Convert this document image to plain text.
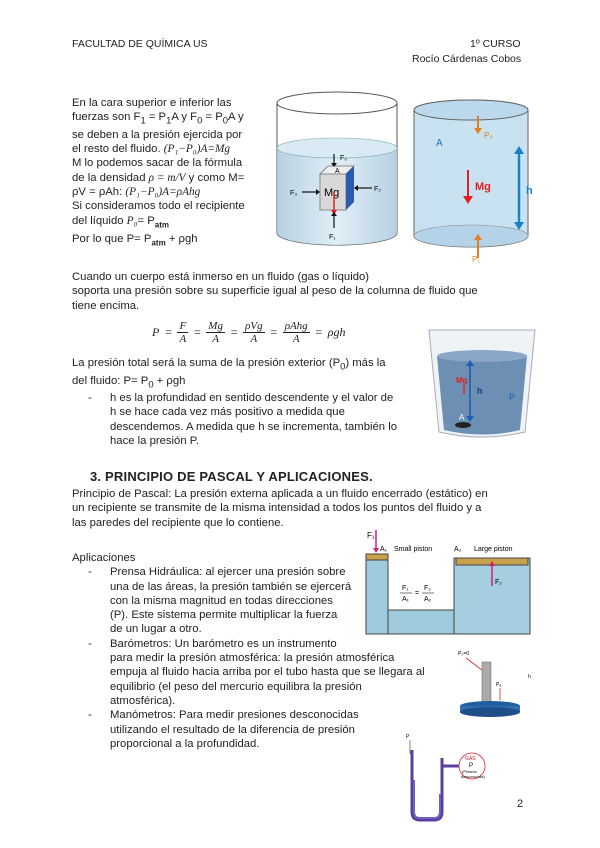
FACULTAD DE QUÍMICA US	1º CURSO
Rocío Cárdenas Cobos
En la cara superior e inferior las
fuerzas son $F_1 = P_1A$ y $F_0 = P_0A$ y
se deben a la presión ejercida por
el resto del fluido. (P₁−P₀)A=Mg
M lo podemos sacar de la fórmula
de la densidad ρ = m/V y como M=
ρV = ρAh: (P₁−P₀)A=ρAhg
Si consideramos todo el recipiente
del líquido $P_0= P_{atm}$
Por lo que $P= P_{atm} + \rho gh$
Mg
A
F₀
F₁
F₃
F₂
P₀
A
Mg	h
P₁
Cuando un cuerpo está inmerso en un fluido (gas o líquido)
soporta una presión sobre su superficie igual al peso de la columna de fluido que
tiene encima.
$P = \frac{F}{A} = \frac{Mg}{A} = \rho Vg$
A = ρAhg
A = ρgh
La presión total será la suma de la presión exterior $(P_0)$ más la
del fluido: $P= P_0 + \rho gh$
- h es la profundidad en sentido descendente y el valor de
h se hace cada vez más positivo a medida que
descendemos. A medida que h se incrementa, también lo
hace la presión P.
h
Mg
A
P
3. PRINCIPIO DE PASCAL Y APLICACIONES.
Principio de Pascal: La presión externa aplicada a un fluido encerrado (estático) en
un recipiente se transmite de la misma intensidad a todos los puntos del fluido y a
las paredes del recipiente que lo contiene.
Aplicaciones
- Prensa Hidráulica: al ejercer una presión sobre
una de las áreas, la presión también se ejercerá
con la misma magnitud en todas direcciones
(P). Este sistema permite multiplicar la fuerza
de un lugar a otro.
- Barómetros: Un barómetro es un instrumento
para medir la presión atmosférica: la presión atmosférica
empuja al fluido hacia arriba por el tubo hasta que se llegara al
equilibrio (el peso del mercurio equilibra la presión
atmosférica).
- Manómetros: Para medir presiones desconocidas
utilizando el resultado de la diferencia de presión
proporcional a la profundidad.
F₁
A₁ Small piston	A₂ Large piston
F₂
F₁
A₁
=
F₂
A₂
P₀=0
Pₐ
h
P
GAS
P
(Presión
desconocida)
2
